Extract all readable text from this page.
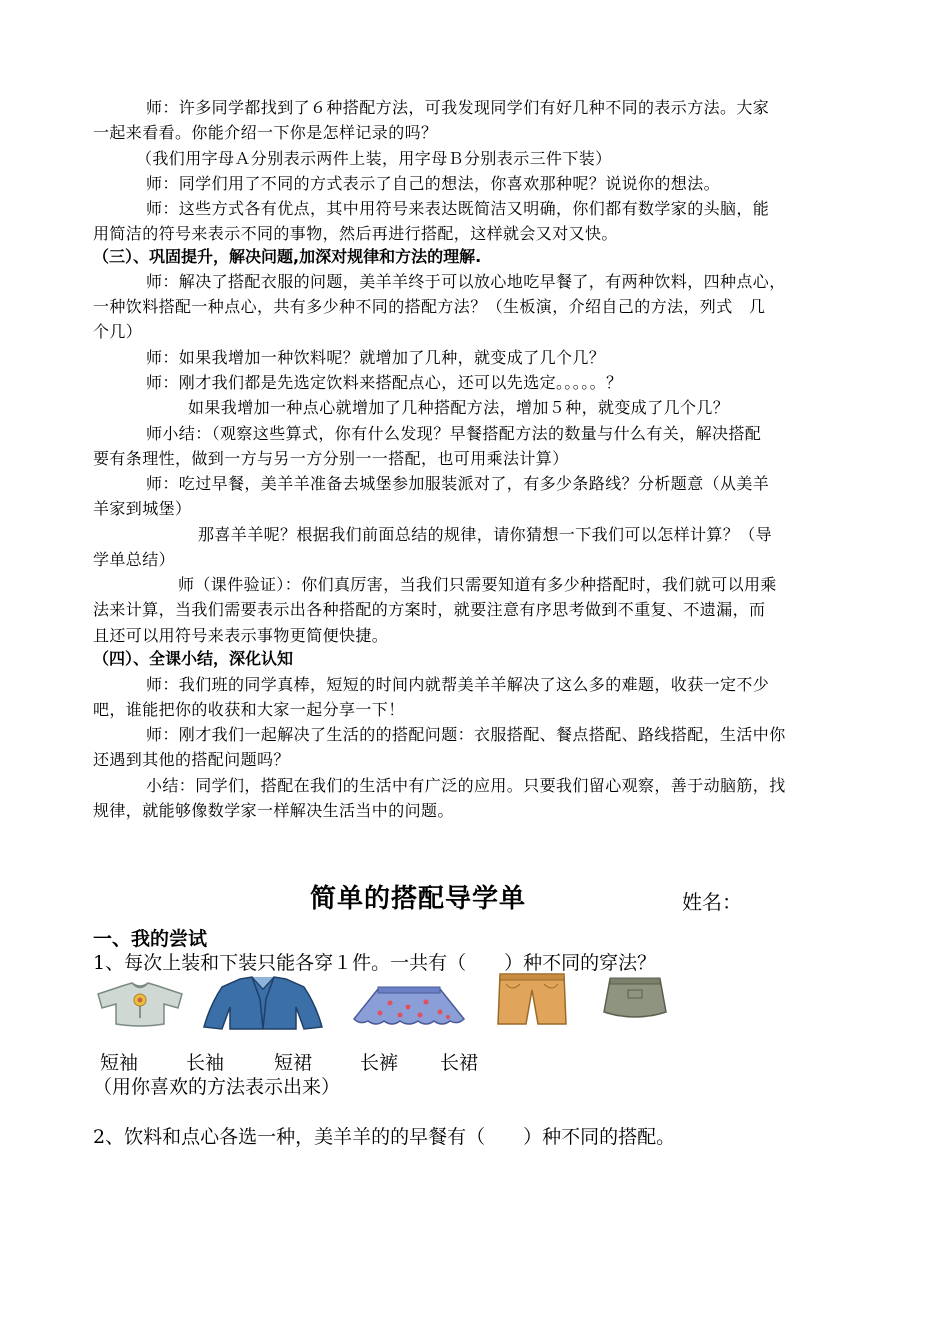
师：许多同学都找到了６种搭配方法，可我发现同学们有好几种不同的表示方法。大家
一起来看看。你能介绍一下你是怎样记录的吗？
（我们用字母Ａ分别表示两件上装，用字母Ｂ分别表示三件下装）
师：同学们用了不同的方式表示了自己的想法，你喜欢那种呢？说说你的想法。
师：这些方式各有优点，其中用符号来表达既简洁又明确，你们都有数学家的头脑，能
用简洁的符号来表示不同的事物，然后再进行搭配，这样就会又对又快。
（三）、巩固提升，解决问题,加深对规律和方法的理解.
师：解决了搭配衣服的问题，美羊羊终于可以放心地吃早餐了，有两种饮料，四种点心，
一种饮料搭配一种点心，共有多少种不同的搭配方法？（生板演，介绍自己的方法，列式　几
个几）
师：如果我增加一种饮料呢？就增加了几种，就变成了几个几？
师：刚才我们都是先选定饮料来搭配点心，还可以先选定。。。。。？
如果我增加一种点心就增加了几种搭配方法，增加５种，就变成了几个几？
师小结：（观察这些算式，你有什么发现？早餐搭配方法的数量与什么有关，解决搭配
要有条理性，做到一方与另一方分别一一搭配，也可用乘法计算）
师：吃过早餐，美羊羊准备去城堡参加服装派对了，有多少条路线？分析题意（从美羊
羊家到城堡）
那喜羊羊呢？根据我们前面总结的规律，请你猜想一下我们可以怎样计算？（导
学单总结）
师（课件验证）：你们真厉害，当我们只需要知道有多少种搭配时，我们就可以用乘
法来计算，当我们需要表示出各种搭配的方案时，就要注意有序思考做到不重复、不遗漏，而
且还可以用符号来表示事物更简便快捷。
（四）、全课小结，深化认知
师：我们班的同学真棒，短短的时间内就帮美羊羊解决了这么多的难题，收获一定不少
吧，谁能把你的收获和大家一起分享一下！
师：刚才我们一起解决了生活的的搭配问题：衣服搭配、餐点搭配、路线搭配，生活中你
还遇到其他的搭配问题吗？
小结：同学们，搭配在我们的生活中有广泛的应用。只要我们留心观察，善于动脑筋，找
规律，就能够像数学家一样解决生活当中的问题。
简单的搭配导学单	姓名：
一、我的尝试
1、每次上装和下装只能各穿１件。一共有（　　）种不同的穿法？
短袖	长袖	短裙	长裤 长裙
（用你喜欢的方法表示出来）
2、饮料和点心各选一种，美羊羊的的早餐有（　　）种不同的搭配。
